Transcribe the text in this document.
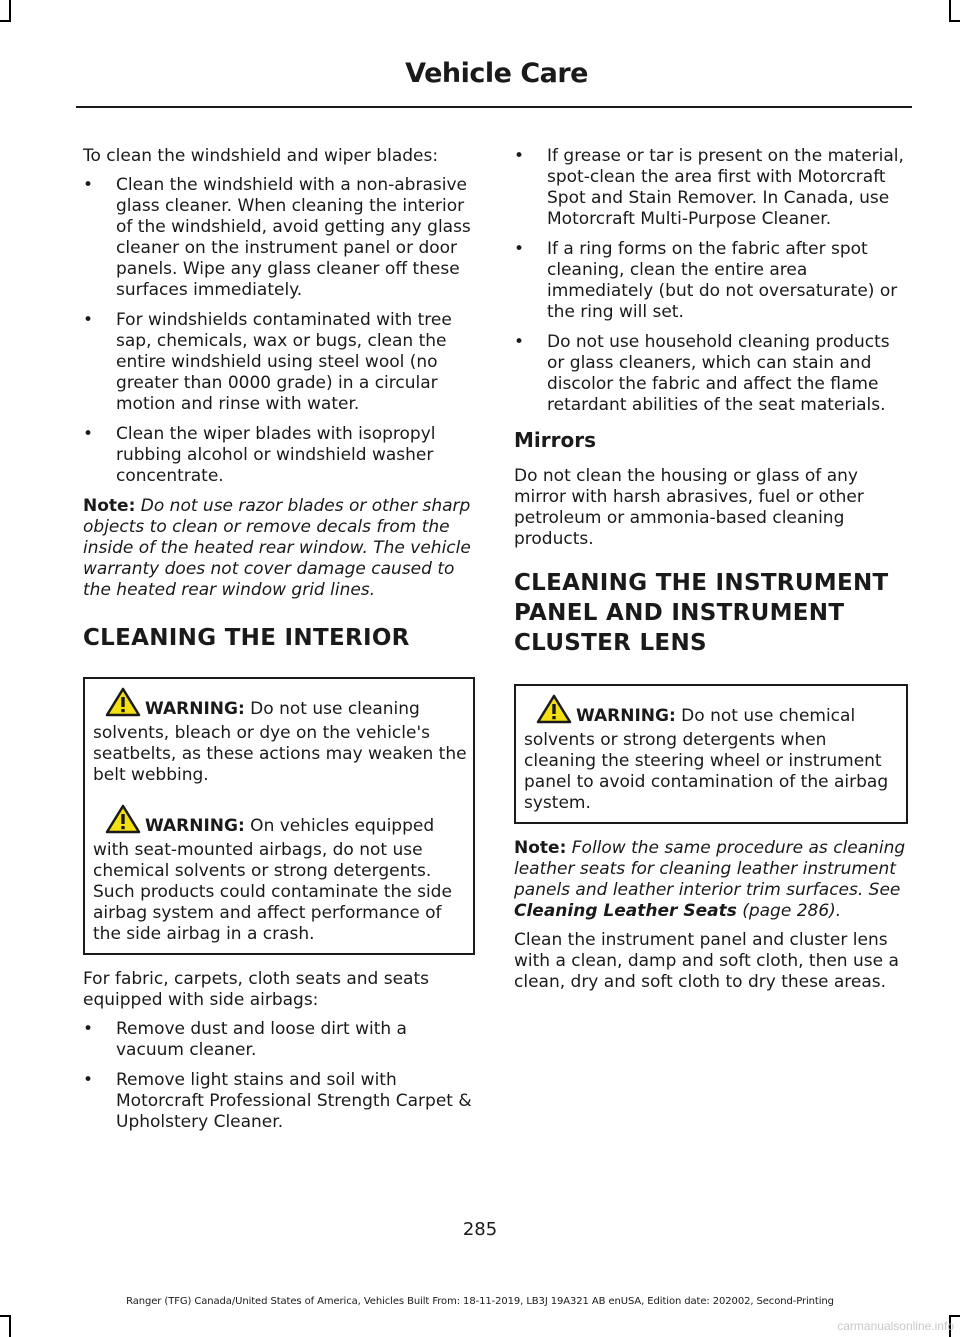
Vehicle Care

To clean the windshield and wiper blades:

• Clean the windshield with a non-abrasive glass cleaner. When cleaning the interior of the windshield, avoid getting any glass cleaner on the instrument panel or door panels. Wipe any glass cleaner off these surfaces immediately.
• For windshields contaminated with tree sap, chemicals, wax or bugs, clean the entire windshield using steel wool (no greater than 0000 grade) in a circular motion and rinse with water.
• Clean the wiper blades with isopropyl rubbing alcohol or windshield washer concentrate.

Note: Do not use razor blades or other sharp objects to clean or remove decals from the inside of the heated rear window. The vehicle warranty does not cover damage caused to the heated rear window grid lines.

CLEANING THE INTERIOR

WARNING: Do not use cleaning solvents, bleach or dye on the vehicle's seatbelts, as these actions may weaken the belt webbing.

WARNING: On vehicles equipped with seat-mounted airbags, do not use chemical solvents or strong detergents. Such products could contaminate the side airbag system and affect performance of the side airbag in a crash.

For fabric, carpets, cloth seats and seats equipped with side airbags:

• Remove dust and loose dirt with a vacuum cleaner.
• Remove light stains and soil with Motorcraft Professional Strength Carpet & Upholstery Cleaner.
• If grease or tar is present on the material, spot-clean the area first with Motorcraft Spot and Stain Remover. In Canada, use Motorcraft Multi-Purpose Cleaner.
• If a ring forms on the fabric after spot cleaning, clean the entire area immediately (but do not oversaturate) or the ring will set.
• Do not use household cleaning products or glass cleaners, which can stain and discolor the fabric and affect the flame retardant abilities of the seat materials.
Mirrors

Do not clean the housing or glass of any mirror with harsh abrasives, fuel or other petroleum or ammonia-based cleaning products.

CLEANING THE INSTRUMENT PANEL AND INSTRUMENT CLUSTER LENS

WARNING: Do not use chemical solvents or strong detergents when cleaning the steering wheel or instrument panel to avoid contamination of the airbag system.

Note: Follow the same procedure as cleaning leather seats for cleaning leather instrument panels and leather interior trim surfaces. See Cleaning Leather Seats (page 286).

Clean the instrument panel and cluster lens with a clean, damp and soft cloth, then use a clean, dry and soft cloth to dry these areas.

285
Ranger (TFG) Canada/United States of America, Vehicles Built From: 18-11-2019, LB3J 19A321 AB enUSA, Edition date: 202002, Second-Printing
carmanualsonline.info
